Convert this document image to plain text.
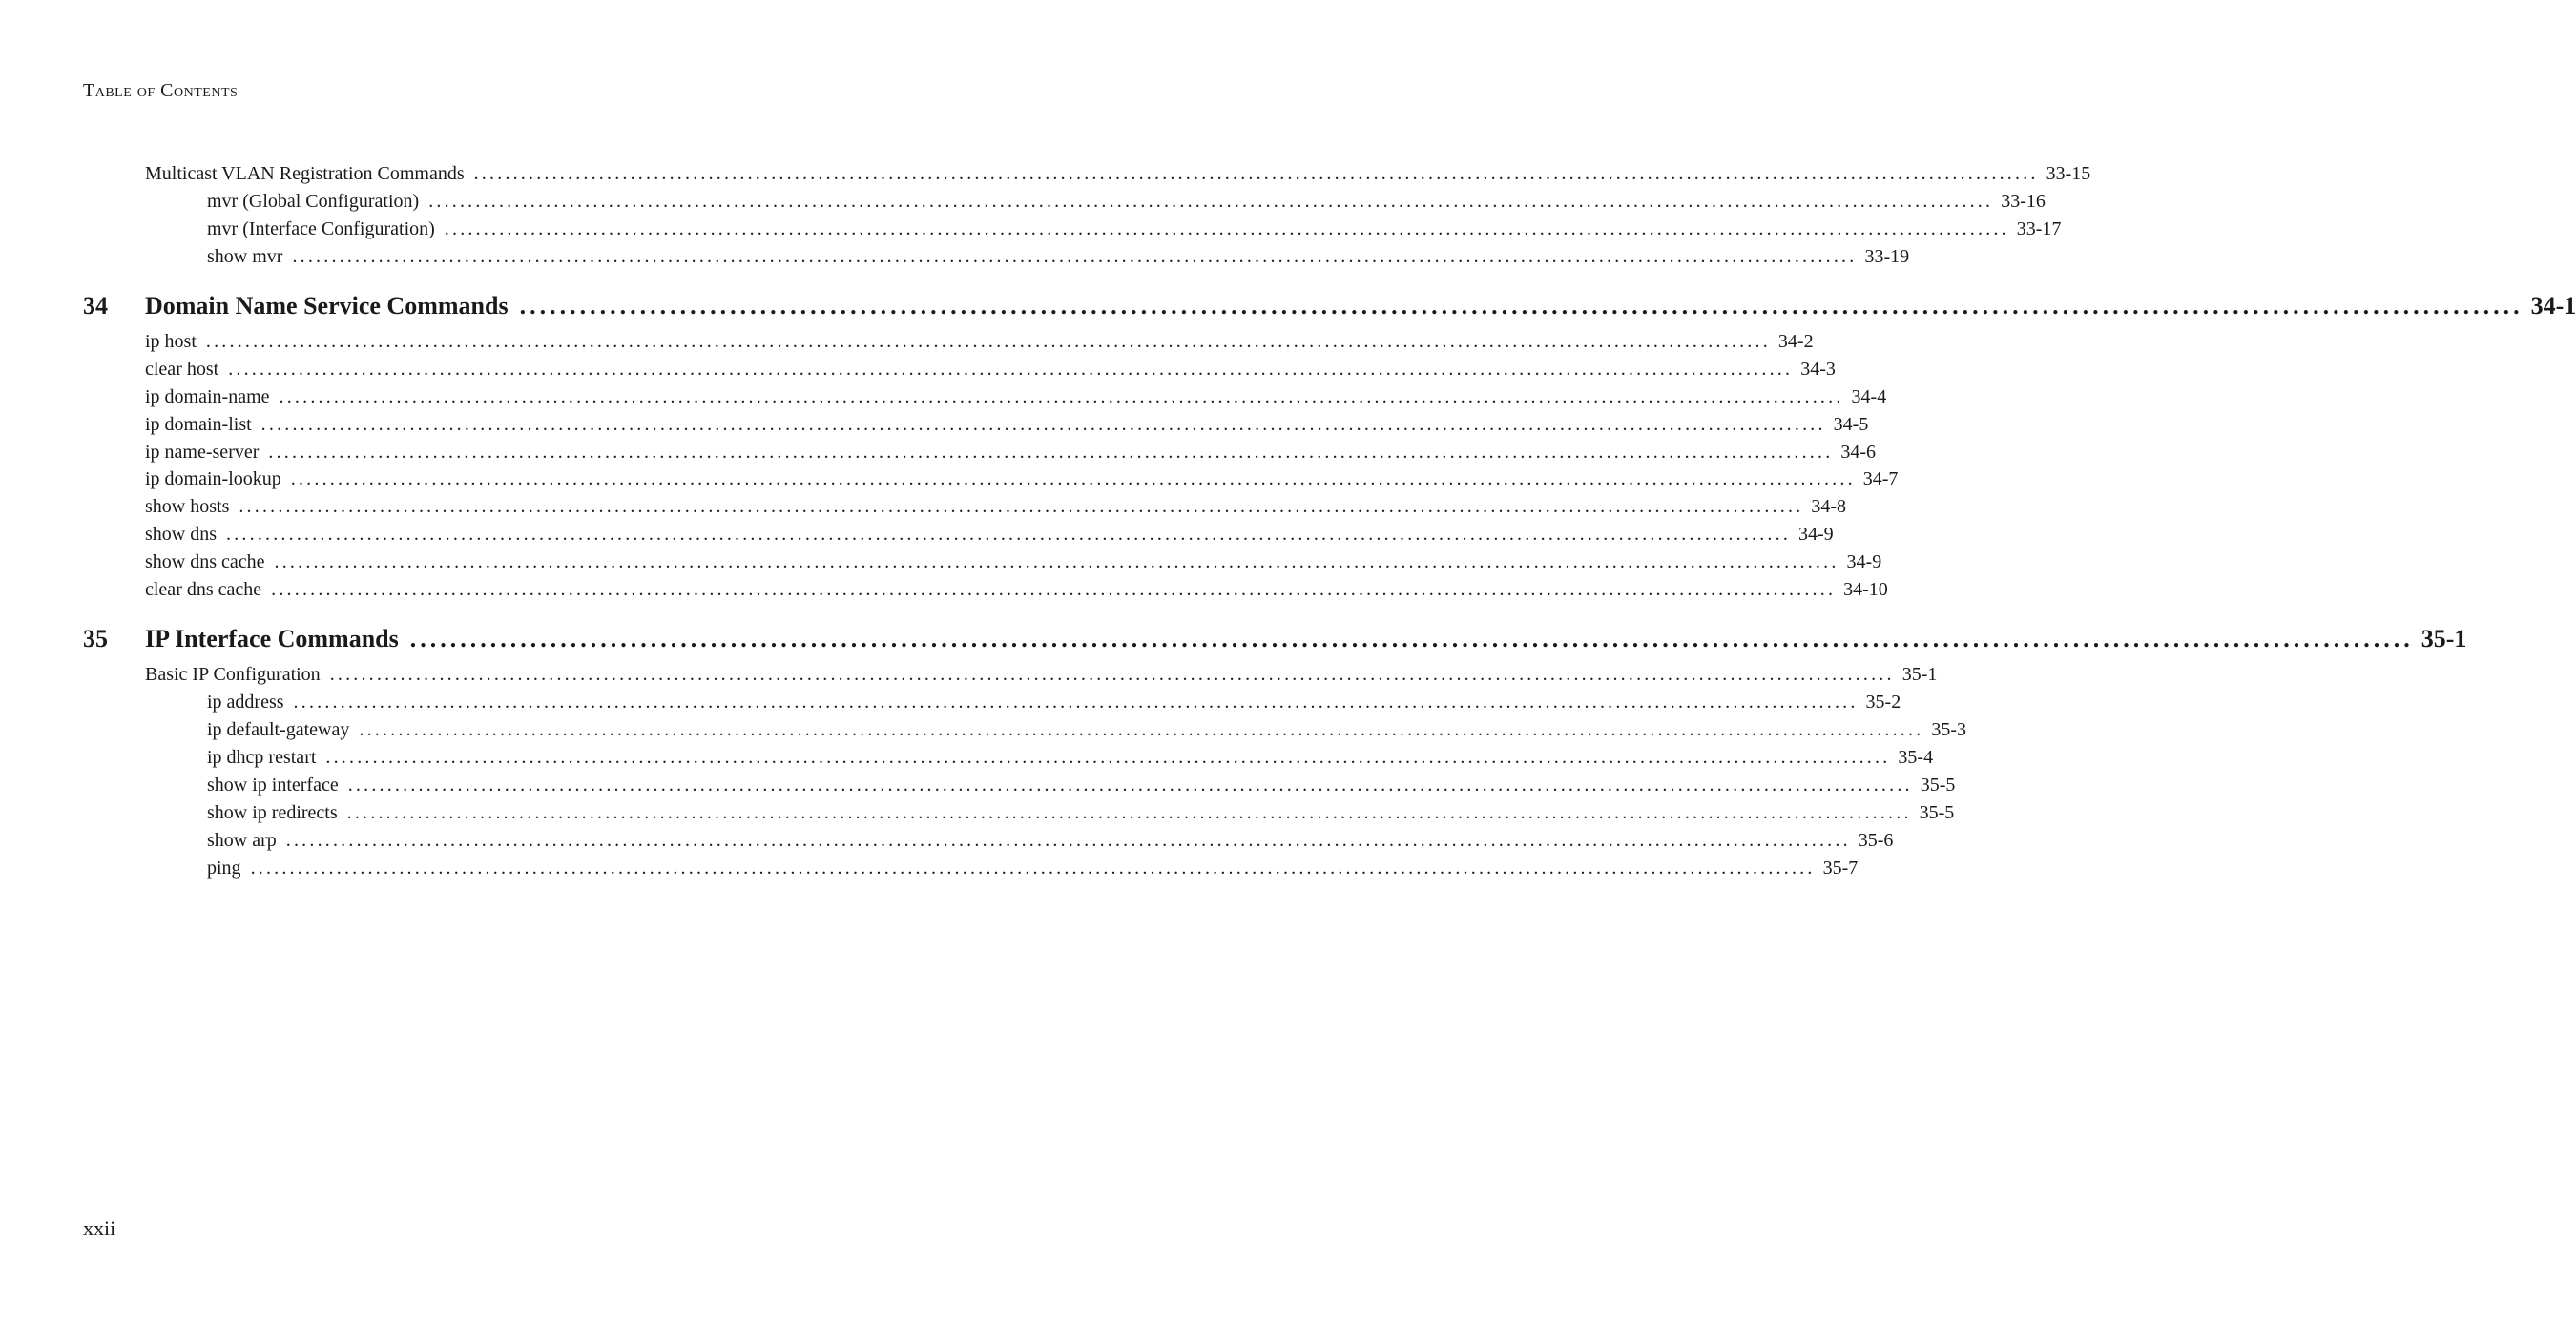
Table of Contents
Multicast VLAN Registration Commands ........................................................................................................................................................................................................ 33-15
mvr (Global Configuration) ........................................................................................................................................................................................................ 33-16
mvr (Interface Configuration) ........................................................................................................................................................................................................ 33-17
show mvr ........................................................................................................................................................................................................ 33-19
34	Domain Name Service Commands ........................................................................................................................................................................................................ 34-1
ip host ........................................................................................................................................................................................................ 34-2
clear host ........................................................................................................................................................................................................ 34-3
ip domain-name ........................................................................................................................................................................................................ 34-4
ip domain-list ........................................................................................................................................................................................................ 34-5
ip name-server ........................................................................................................................................................................................................ 34-6
ip domain-lookup ........................................................................................................................................................................................................ 34-7
show hosts ........................................................................................................................................................................................................ 34-8
show dns ........................................................................................................................................................................................................ 34-9
show dns cache ........................................................................................................................................................................................................ 34-9
clear dns cache ........................................................................................................................................................................................................ 34-10
35	IP Interface Commands ........................................................................................................................................................................................................ 35-1
Basic IP Configuration ........................................................................................................................................................................................................ 35-1
ip address ........................................................................................................................................................................................................ 35-2
ip default-gateway ........................................................................................................................................................................................................ 35-3
ip dhcp restart ........................................................................................................................................................................................................ 35-4
show ip interface ........................................................................................................................................................................................................ 35-5
show ip redirects ........................................................................................................................................................................................................ 35-5
show arp ........................................................................................................................................................................................................ 35-6
ping ........................................................................................................................................................................................................ 35-7
xxii
